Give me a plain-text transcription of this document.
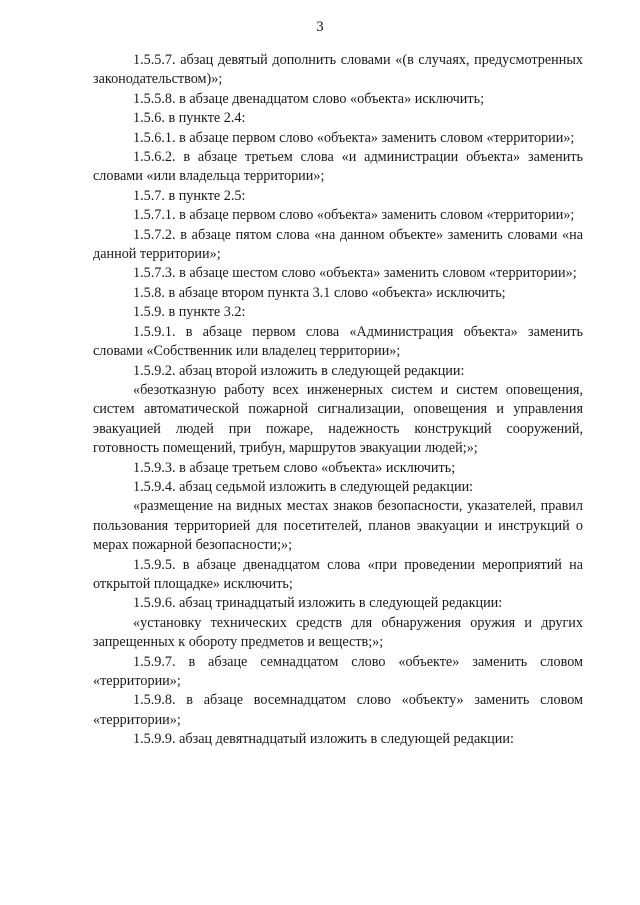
3

1.5.5.7. абзац девятый дополнить словами «(в случаях, предусмотренных законодательством)»;

1.5.5.8. в абзаце двенадцатом слово «объекта» исключить;

1.5.6. в пункте 2.4:

1.5.6.1. в абзаце первом слово «объекта» заменить словом «территории»;

1.5.6.2. в абзаце третьем слова «и администрации объекта» заменить словами «или владельца территории»;

1.5.7. в пункте 2.5:

1.5.7.1. в абзаце первом слово «объекта» заменить словом «территории»;

1.5.7.2. в абзаце пятом слова «на данном объекте» заменить словами «на данной территории»;

1.5.7.3. в абзаце шестом слово «объекта» заменить словом «территории»;

1.5.8. в абзаце втором пункта 3.1 слово «объекта» исключить;

1.5.9. в пункте 3.2:

1.5.9.1. в абзаце первом слова «Администрация объекта» заменить словами «Собственник или владелец территории»;

1.5.9.2. абзац второй изложить в следующей редакции:

«безотказную работу всех инженерных систем и систем оповещения, систем автоматической пожарной сигнализации, оповещения и управления эвакуацией людей при пожаре, надежность конструкций сооружений, готовность помещений, трибун, маршрутов эвакуации людей;»;

1.5.9.3. в абзаце третьем слово «объекта» исключить;

1.5.9.4. абзац седьмой изложить в следующей редакции:

«размещение на видных местах знаков безопасности, указателей, правил пользования территорией для посетителей, планов эвакуации и инструкций о мерах пожарной безопасности;»;

1.5.9.5. в абзаце двенадцатом слова «при проведении мероприятий на открытой площадке» исключить;

1.5.9.6. абзац тринадцатый изложить в следующей редакции:

«установку технических средств для обнаружения оружия и других запрещенных к обороту предметов и веществ;»;

1.5.9.7. в абзаце семнадцатом слово «объекте» заменить словом «территории»;

1.5.9.8. в абзаце восемнадцатом слово «объекту» заменить словом «территории»;

1.5.9.9. абзац девятнадцатый изложить в следующей редакции:
